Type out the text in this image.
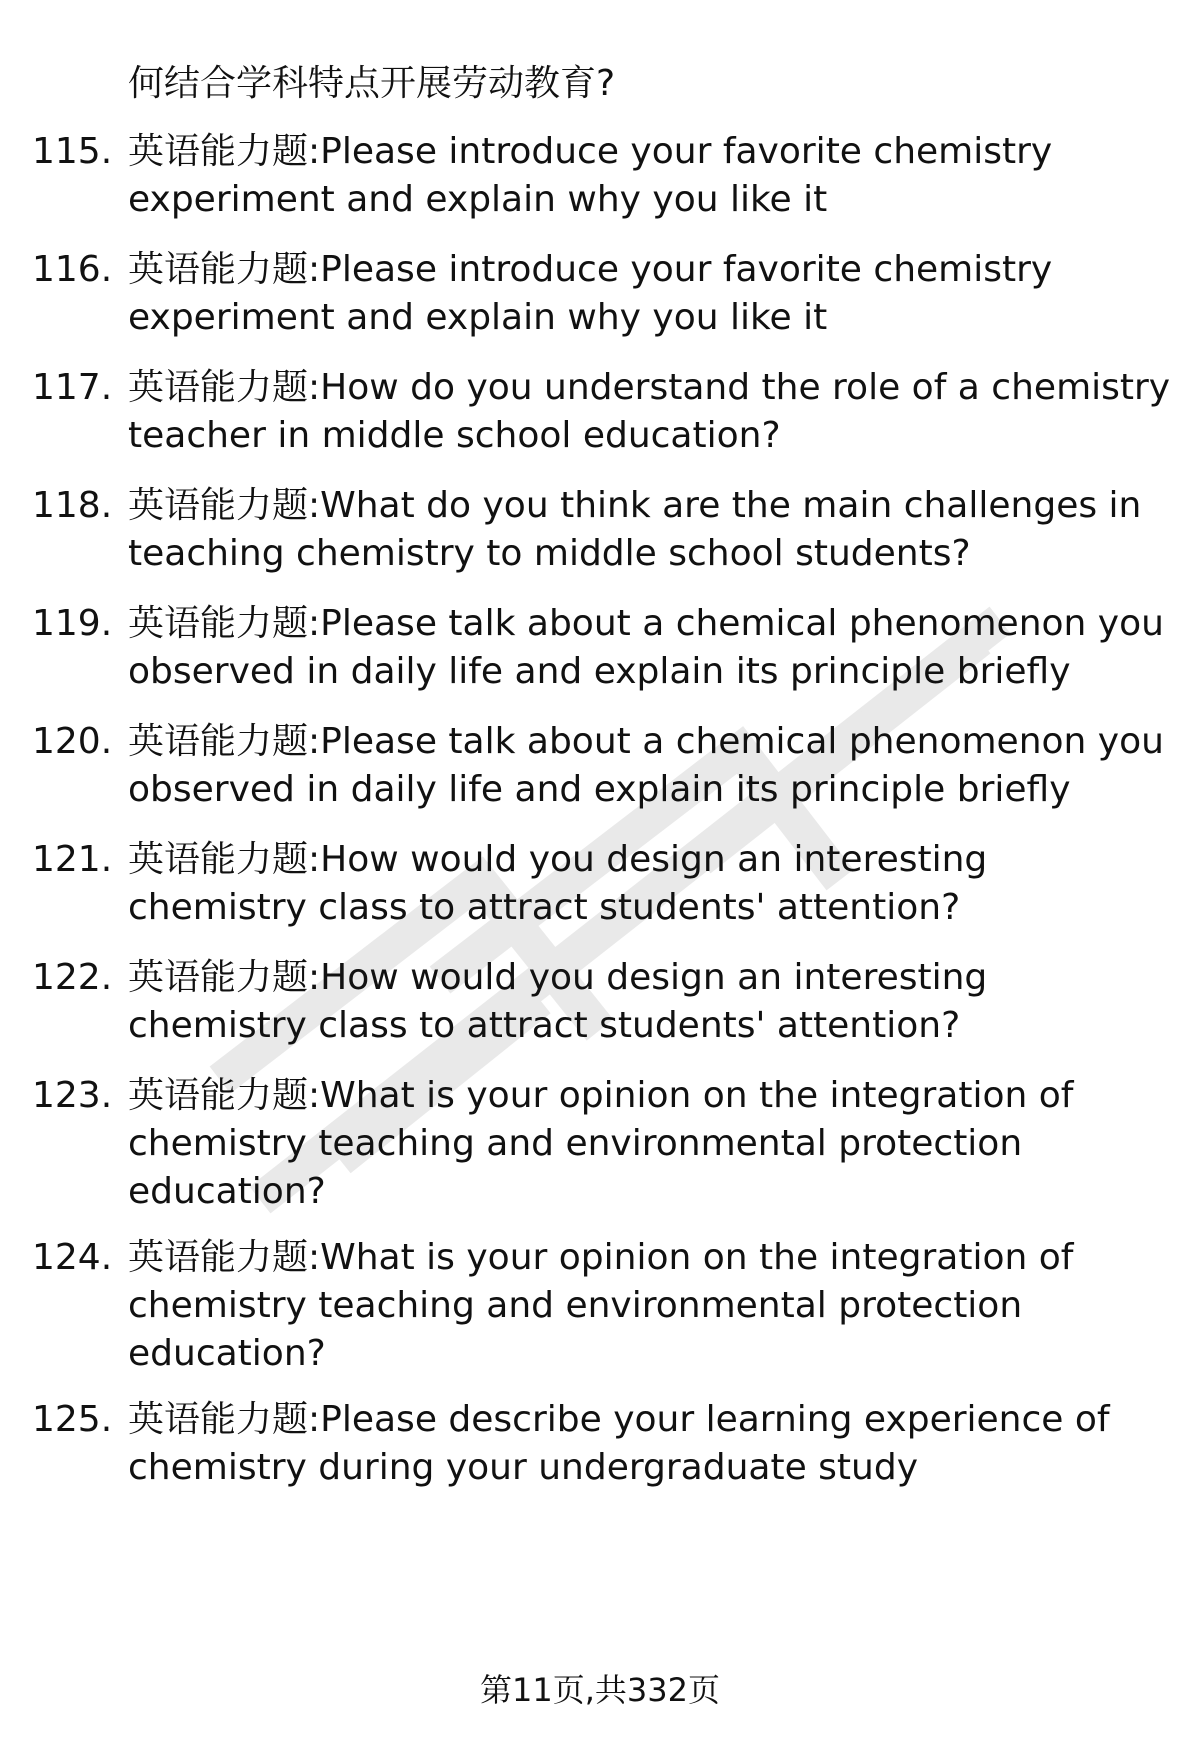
何结合学科特点开展劳动教育?
115. 英语能力题:Please introduce your favorite chemistry experiment and explain why you like it
116. 英语能力题:Please introduce your favorite chemistry experiment and explain why you like it
117. 英语能力题:How do you understand the role of a chemistry teacher in middle school education?
118. 英语能力题:What do you think are the main challenges in teaching chemistry to middle school students?
119. 英语能力题:Please talk about a chemical phenomenon you observed in daily life and explain its principle briefly
120. 英语能力题:Please talk about a chemical phenomenon you observed in daily life and explain its principle briefly
121. 英语能力题:How would you design an interesting chemistry class to attract students' attention?
122. 英语能力题:How would you design an interesting chemistry class to attract students' attention?
123. 英语能力题:What is your opinion on the integration of chemistry teaching and environmental protection education?
124. 英语能力题:What is your opinion on the integration of chemistry teaching and environmental protection education?
125. 英语能力题:Please describe your learning experience of chemistry during your undergraduate study
第11页,共332页
